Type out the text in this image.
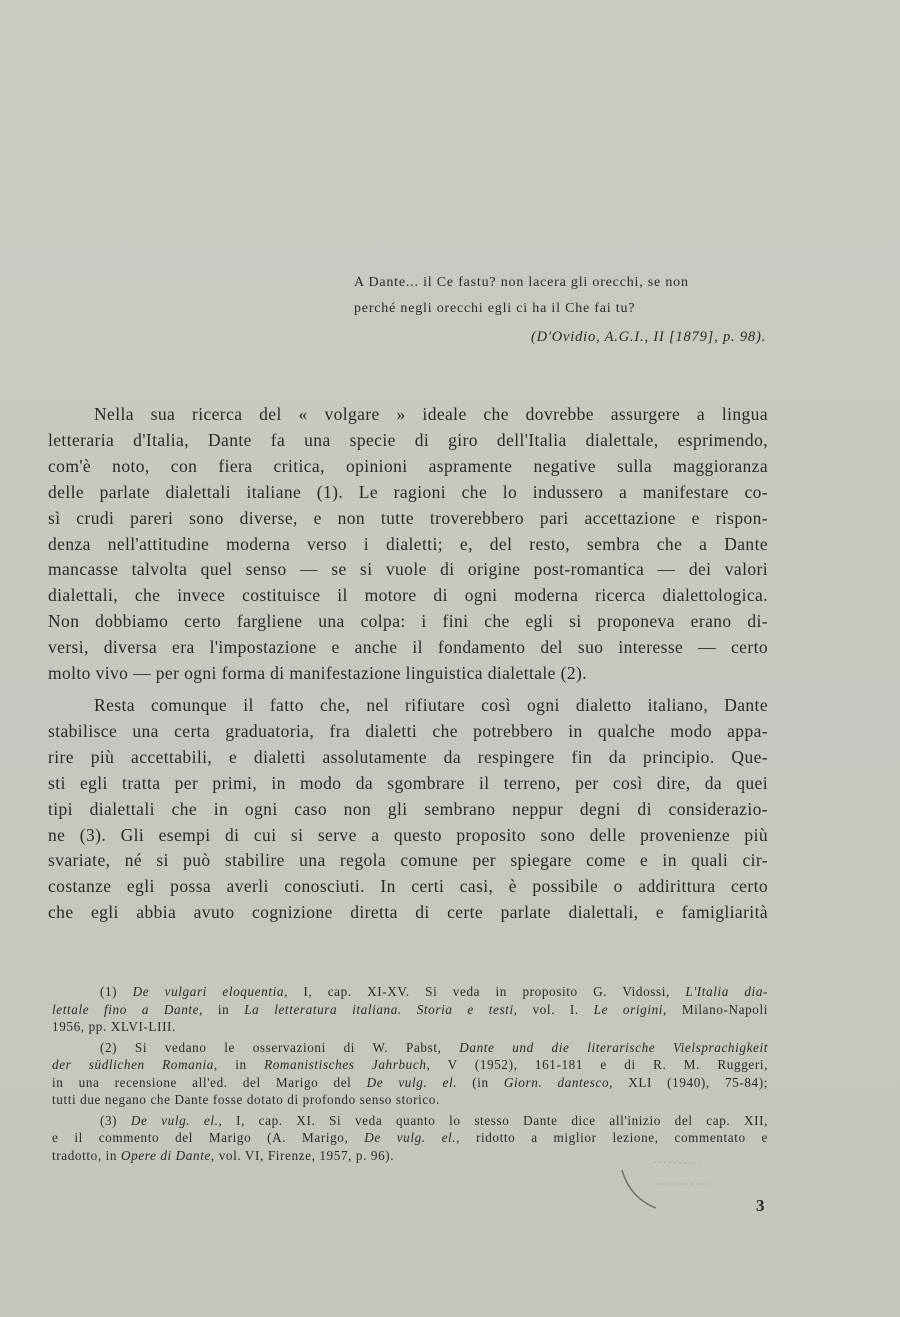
A Dante... il Ce fastu? non lacera gli orecchi, se non
perché negli orecchi egli ci ha il Che fai tu?
(D'Ovidio, A.G.I., II [1879], p. 98).
Nella sua ricerca del « volgare » ideale che dovrebbe assurgere a lingua
letteraria d'Italia, Dante fa una specie di giro dell'Italia dialettale, esprimendo,
com'è noto, con fiera critica, opinioni aspramente negative sulla maggioranza
delle parlate dialettali italiane (1). Le ragioni che lo indussero a manifestare co-
sì crudi pareri sono diverse, e non tutte troverebbero pari accettazione e rispon-
denza nell'attitudine moderna verso i dialetti; e, del resto, sembra che a Dante
mancasse talvolta quel senso — se si vuole di origine post-romantica — dei valori
dialettali, che invece costituisce il motore di ogni moderna ricerca dialettologica.
Non dobbiamo certo fargliene una colpa: i fini che egli si proponeva erano di-
versi, diversa era l'impostazione e anche il fondamento del suo interesse — certo
molto vivo — per ogni forma di manifestazione linguistica dialettale (2).
Resta comunque il fatto che, nel rifiutare così ogni dialetto italiano, Dante
stabilisce una certa graduatoria, fra dialetti che potrebbero in qualche modo appa-
rire più accettabili, e dialetti assolutamente da respingere fin da principio. Que-
sti egli tratta per primi, in modo da sgombrare il terreno, per così dire, da quei
tipi dialettali che in ogni caso non gli sembrano neppur degni di considerazio-
ne (3). Gli esempi di cui si serve a questo proposito sono delle provenienze più
svariate, né si può stabilire una regola comune per spiegare come e in quali cir-
costanze egli possa averli conosciuti. In certi casi, è possibile o addirittura certo
che egli abbia avuto cognizione diretta di certe parlate dialettali, e famigliarità
(1) De vulgari eloquentia, I, cap. XI-XV. Si veda in proposito G. Vidossi, L'Italia dia-
lettale fino a Dante, in La letteratura italiana. Storia e testi, vol. I. Le origini, Milano-Napoli
1956, pp. XLVI-LIII.
(2) Si vedano le osservazioni di W. Pabst, Dante und die literarische Vielsprachigkeit
der südlichen Romania, in Romanistisches Jahrbuch, V (1952), 161-181 e di R. M. Ruggeri,
in una recensione all'ed. del Marigo del De vulg. el. (in Giorn. dantesco, XLI (1940), 75-84);
tutti due negano che Dante fosse dotato di profondo senso storico.
(3) De vulg. el., I, cap. XI. Si veda quanto lo stesso Dante dice all'inizio del cap. XII,
e il commento del Marigo (A. Marigo, De vulg. el., ridotto a miglior lezione, commentato e
tradotto, in Opere di Dante, vol. VI, Firenze, 1957, p. 96).
3
